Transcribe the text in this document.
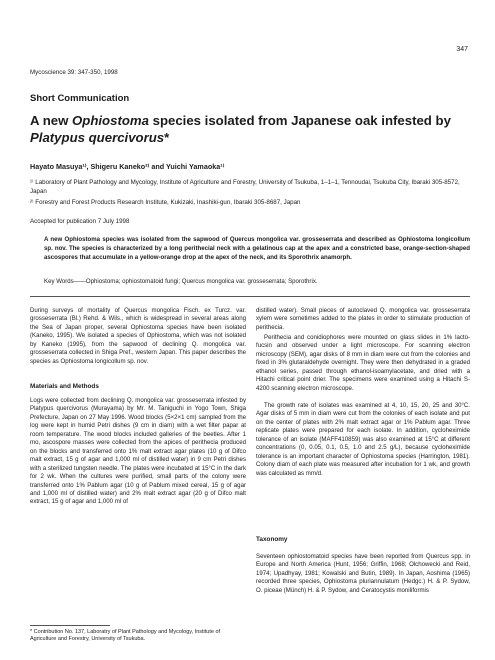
347
Mycoscience 39: 347-350, 1998
Short Communication
A new Ophiostoma species isolated from Japanese oak infested by Platypus quercivorus*
Hayato Masuya¹⁾, Shigeru Kaneko²⁾ and Yuichi Yamaoka¹⁾
¹⁾ Laboratory of Plant Pathology and Mycology, Institute of Agriculture and Forestry, University of Tsukuba, 1–1–1, Tennoudai, Tsukuba City, Ibaraki 305-8572, Japan
²⁾ Forestry and Forest Products Research Institute, Kukizaki, Inashiki-gun, Ibaraki 305-8687, Japan
Accepted for publication 7 July 1998
A new Ophiostoma species was isolated from the sapwood of Quercus mongolica var. grosseserrata and described as Ophiostoma longicollum sp. nov. The species is characterized by a long perithecial neck with a gelatinous cap at the apex and a constricted base, orange-section-shaped ascospores that accumulate in a yellow-orange drop at the apex of the neck, and its Sporothrix anamorph.
Key Words——Ophiostoma; ophiostomatoid fungi; Quercus mongolica var. grosseserrata; Sporothrix.
During surveys of mortality of Quercus mongolica Fisch. ex Turcz. var. grosseserrata (Bl.) Rehd. & Wils., which is widespread in several areas along the Sea of Japan proper, several Ophiostoma species have been isolated (Kaneko, 1995). We isolated a species of Ophiostoma, which was not isolated by Kaneko (1995), from the sapwood of declining Q. mongolica var. grosseserrata collected in Shiga Pref., western Japan. This paper describes the species as Ophiostoma longicollum sp. nov.
Materials and Methods
Logs were collected from declining Q. mongolica var. grosseserrata infested by Platypus quercivorus (Murayama) by Mr. M. Taniguchi in Yogo Town, Shiga Prefecture, Japan on 27 May 1996. Wood blocks (5×2×1 cm) sampled from the log were kept in humid Petri dishes (9 cm in diam) with a wet filter papar at room temperature. The wood blocks included galleries of the beetles. After 1 mo, ascospore masses were collected from the apices of perithecia produced on the blocks and transferred onto 1% malt extract agar plates (10 g of Difco malt extract, 15 g of agar and 1,000 ml of distilled water) in 9 cm Petri dishes with a sterilized tungsten needle. The plates were incubated at 15°C in the dark for 2 wk. When the cultures were purified, small parts of the colony were transferred onto 1% Pablum agar (10 g of Pablum mixed cereal, 15 g of agar and 1,000 ml of distilled water) and 2% malt extract agar (20 g of Difco malt extract, 15 g of agar and 1,000 ml of
* Contribution No. 137, Laboratry of Plant Pathology and Mycology, Institute of Agriculture and Forestry, University of Tsukuba.
distilled water). Small pieces of autoclaved Q. mongolica var. grosseserrata xylem were sometimes added to the plates in order to stimulate production of perithecia.
Perithecia and conidiophores were mounted on glass slides in 1% lacto-fucsin and observed under a light microscope. For scanning electron microscopy (SEM), agar disks of 8 mm in diam were cut from the colonies and fixed in 3% glutaraldehyde overnight. They were then dehydrated in a graded ethanol series, passed through ethanol-isoamylacetate, and dried with a Hitachi critical point drier. The specimens were examined using a Hitachi S-4200 scanning electron microscope.
The growth rate of isolates was examined at 4, 10, 15, 20, 25 and 30°C. Agar disks of 5 mm in diam were cut from the colonies of each isolate and put on the center of plates with 2% malt extract agar or 1% Pablum agar. Three replicate plates were prepared for each isolate. In addition, cycloheximide tolerance of an isolate (MAFF410859) was also examined at 15°C at different concentrations (0, 0.05, 0.1, 0.5, 1.0 and 2.5 g/L), because cycloheximide tolerance is an important character of Ophiostoma species (Harrington, 1981). Colony diam of each plate was measured after incubation for 1 wk, and growth was calculated as mm/d.
Taxonomy
Seventeen ophiostomatoid species have been reported from Quercus spp. in Europe and North America (Hunt, 1956; Griffin, 1968; Olchowecki and Reid, 1974; Upadhyay, 1981; Kowalski and Butin, 1989). In Japan, Aoshima (1965) recorded three species, Ophiostoma pluriannulatum (Hedgc.) H. & P. Sydow, O. piceae (Münch) H. & P. Sydow, and Ceratocystis moniliformis
